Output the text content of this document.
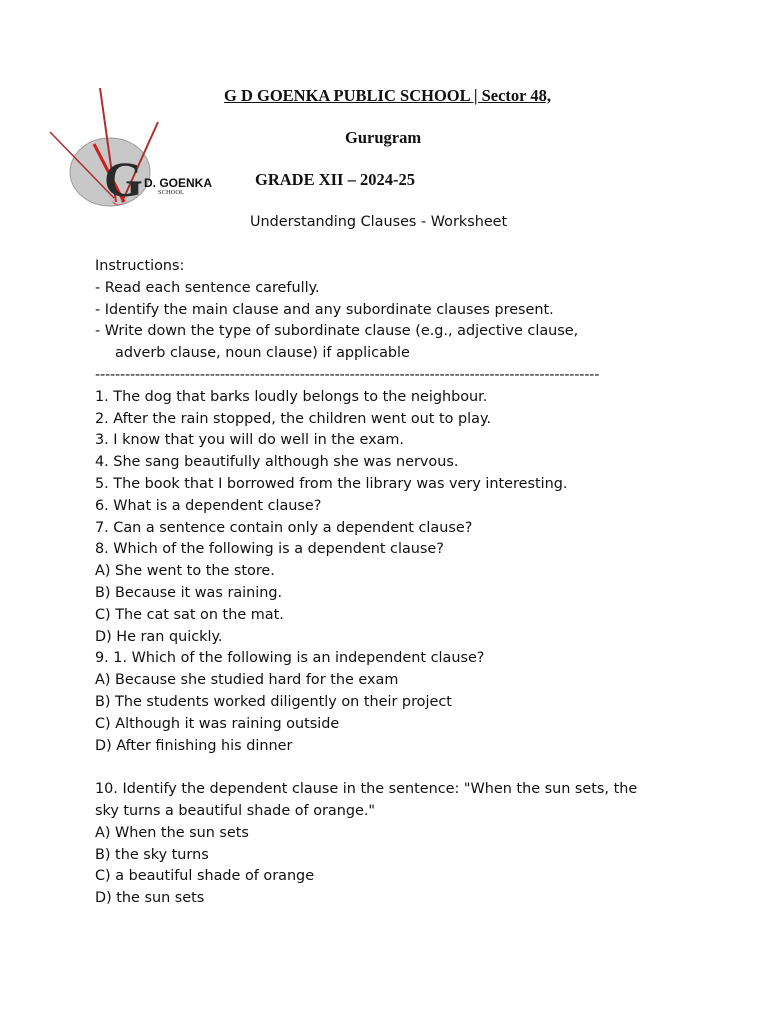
G D. GOENKA
SCHOOL
G D GOENKA PUBLIC SCHOOL | Sector 48,
Gurugram
GRADE XII – 2024-25
Understanding Clauses - Worksheet
Instructions:
- Read each sentence carefully.
- Identify the main clause and any subordinate clauses present.
- Write down the type of subordinate clause (e.g., adjective clause,
adverb clause, noun clause) if applicable
-----------------------------------------------------------------------------------------------------
1. The dog that barks loudly belongs to the neighbour.
2. After the rain stopped, the children went out to play.
3. I know that you will do well in the exam.
4. She sang beautifully although she was nervous.
5. The book that I borrowed from the library was very interesting.
6. What is a dependent clause?
7. Can a sentence contain only a dependent clause?
8. Which of the following is a dependent clause?
A) She went to the store.
B) Because it was raining.
C) The cat sat on the mat.
D) He ran quickly.
9. 1. Which of the following is an independent clause?
A) Because she studied hard for the exam
B) The students worked diligently on their project
C) Although it was raining outside
D) After finishing his dinner
10. Identify the dependent clause in the sentence: "When the sun sets, the
sky turns a beautiful shade of orange."
A) When the sun sets
B) the sky turns
C) a beautiful shade of orange
D) the sun sets
